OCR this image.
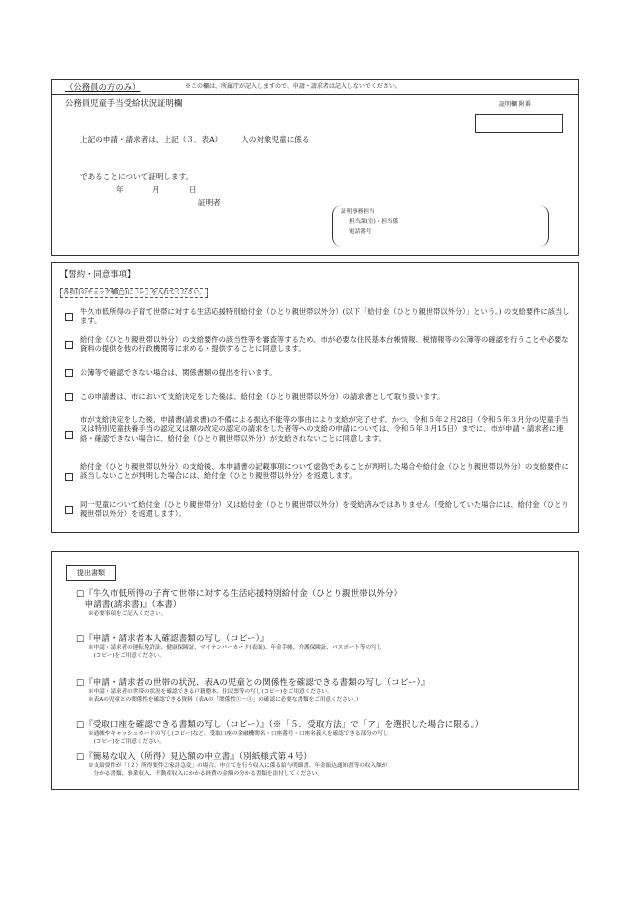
（公務員の方のみ）	※この欄は、所属庁が記入しますので、申請・請求者は記入しないでください。
公務員児童手当受給状況証明欄	証明欄 附番
上記の申請・請求者は、上記（３．表A）　　　人の対象児童に係る
であることについて証明します。
年	月	日
証明者
証明事務担当
担当課(室)・担当係
電話番号
【誓約・同意事項】
各項目のチェック欄(□)に「レ」を入れてください。
牛久市低所得の子育て世帯に対する生活応援特別給付金（ひとり親世帯以外分）(以下「給付金（ひとり親世帯以外分）」という。) の支給要件に該当します。
給付金（ひとり親世帯以外分）の支給要件の該当性等を審査等するため、市が必要な住民基本台帳情報、税情報等の公簿等の確認を行うことや必要な資料の提供を他の行政機関等に求める・提供することに同意します。
公簿等で確認できない場合は、関係書類の提出を行います。
この申請書は、市において支給決定をした後は、給付金（ひとり親世帯以外分）の請求書として取り扱います。
市が支給決定をした後、申請書(請求書)の不備による振込不能等の事由により支給が完了せず、かつ、令和５年２月28日（令和５年３月分の児童手当又は特別児童扶養手当の認定又は額の改定の認定の請求をした者等への支給の申請については、令和５年３月15日）までに、市が申請・請求者に連絡・確認できない場合に、給付金（ひとり親世帯以外分）が支給されないことに同意します。
給付金（ひとり親世帯以外分）の支給後、本申請書の記載事項について虚偽であることが判明した場合や給付金（ひとり親世帯以外分）の支給要件に該当しないことが判明した場合には、給付金（ひとり親世帯以外分）を返還します。
同一児童について給付金（ひとり親世帯分）又は給付金（ひとり親世帯以外分）を受給済みではありません（受給していた場合には、給付金（ひとり親世帯以外分）を返還します）。
提出書類
□『牛久市低所得の子育て世帯に対する生活応援特別給付金（ひとり親世帯以外分）
　申請書(請求書)』（本書）
※必要事項をご記入ください。
□『申請・請求者本人確認書類の写し（コピー）』
※申請・請求者の運転免許証、健康保険証、マイナンバーカード(表面)、年金手帳、介護保険証、パスポート等の写し
　(コピー)をご用意ください。
□『申請・請求者の世帯の状況、表Aの児童との関係性を確認できる書類の写し（コピー）』
※申請・請求者の世帯の状況を確認できる戸籍謄本、住民票等の写し(コピー)をご用意ください。
※表Aの児童との関係性を確認できる資料（表Aの「関係性①～④」の確認に必要な書類をご用意ください。）
□『受取口座を確認できる書類の写し（コピー）』（※「５．受取方法」で「ア」を選択した場合に限る。）
※通帳やキャッシュカードの写し(コピー)など、受取口座の金融機関名・口座番号・口座名義人を確認できる部分の写し
　(コピー)をご用意ください。
□『簡易な収入（所得）見込額の申立書』（別紙様式第４号）
※支給要件が「（２）所得要件②家計急変」の場合、申立てを行う収入に係る給与明細書、年金振込通知書等の収入額が
　分かる書類、事業収入、不動産収入にかかる経費の金額の分かる書類を添付してください。
